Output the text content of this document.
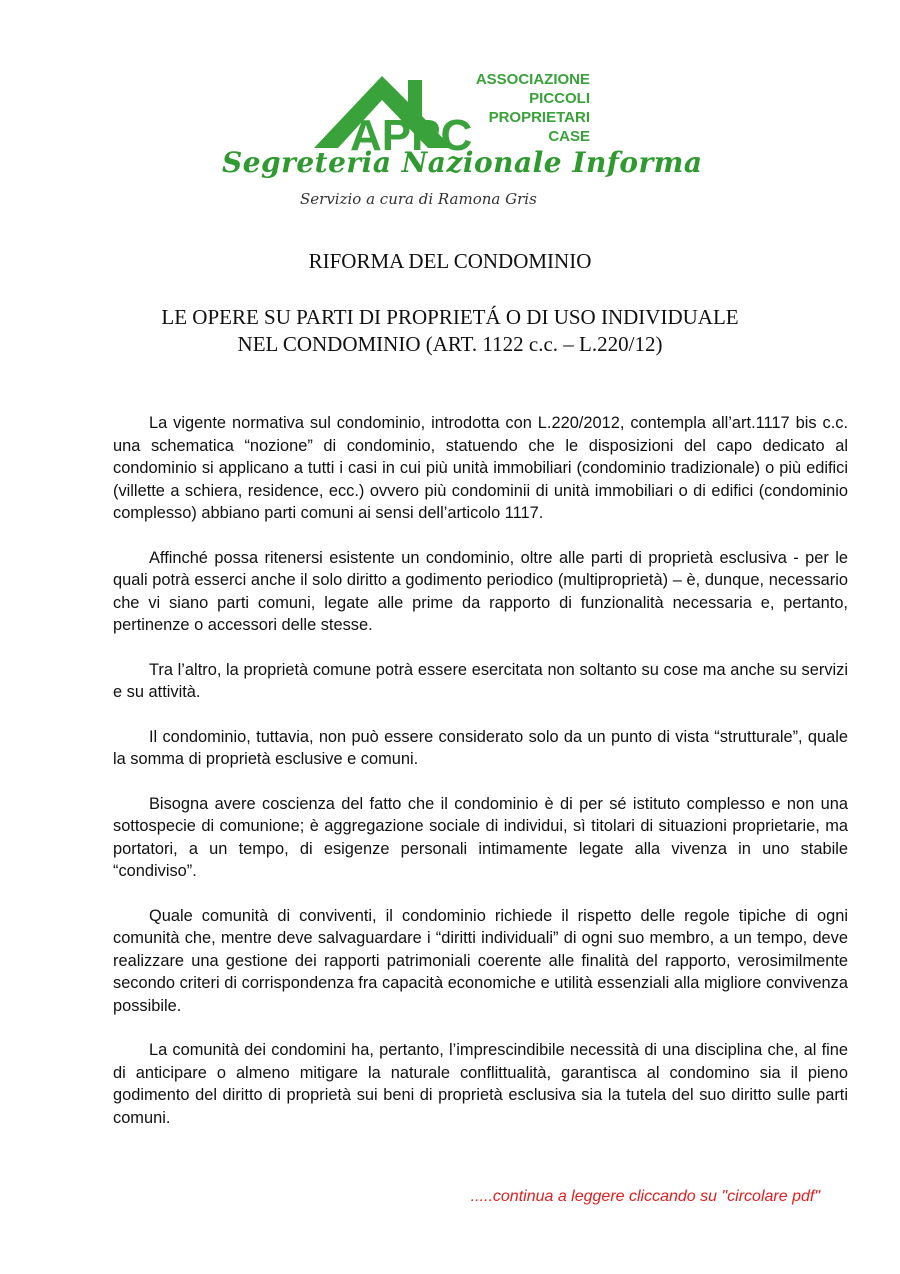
APPC
ASSOCIAZIONE
PICCOLI
PROPRIETARI
CASE
Segreteria Nazionale Informa
Servizio a cura di Ramona Gris
RIFORMA DEL CONDOMINIO
LE OPERE SU PARTI DI PROPRIETÁ O DI USO INDIVIDUALE
NEL CONDOMINIO (ART. 1122 c.c. – L.220/12)

La vigente normativa sul condominio, introdotta con L.220/2012, contempla all’art.1117 bis c.c. una schematica “nozione” di condominio, statuendo che le disposizioni del capo dedicato al condominio si applicano a tutti i casi in cui più unità immobiliari (condominio tradizionale) o più edifici (villette a schiera, residence, ecc.) ovvero più condominii di unità immobiliari o di edifici (condominio complesso) abbiano parti comuni ai sensi dell’articolo 1117.

Affinché possa ritenersi esistente un condominio, oltre alle parti di proprietà esclusiva - per le quali potrà esserci anche il solo diritto a godimento periodico (multiproprietà) – è, dunque, necessario che vi siano parti comuni, legate alle prime da rapporto di funzionalità necessaria e, pertanto, pertinenze o accessori delle stesse.

Tra l’altro, la proprietà comune potrà essere esercitata non soltanto su cose ma anche su servizi e su attività.

Il condominio, tuttavia, non può essere considerato solo da un punto di vista “strutturale”, quale la somma di proprietà esclusive e comuni.

Bisogna avere coscienza del fatto che il condominio è di per sé istituto complesso e non una sottospecie di comunione; è aggregazione sociale di individui, sì titolari di situazioni proprietarie, ma portatori, a un tempo, di esigenze personali intimamente legate alla vivenza in uno stabile “condiviso”.

Quale comunità di conviventi, il condominio richiede il rispetto delle regole tipiche di ogni comunità che, mentre deve salvaguardare i “diritti individuali” di ogni suo membro, a un tempo, deve realizzare una gestione dei rapporti patrimoniali coerente alle finalità del rapporto, verosimilmente secondo criteri di corrispondenza fra capacità economiche e utilità essenziali alla migliore convivenza possibile.

La comunità dei condomini ha, pertanto, l’imprescindibile necessità di una disciplina che, al fine di anticipare o almeno mitigare la naturale conflittualità, garantisca al condomino sia il pieno godimento del diritto di proprietà sui beni di proprietà esclusiva sia la tutela del suo diritto sulle parti comuni.

.....continua a leggere cliccando su "circolare pdf"
